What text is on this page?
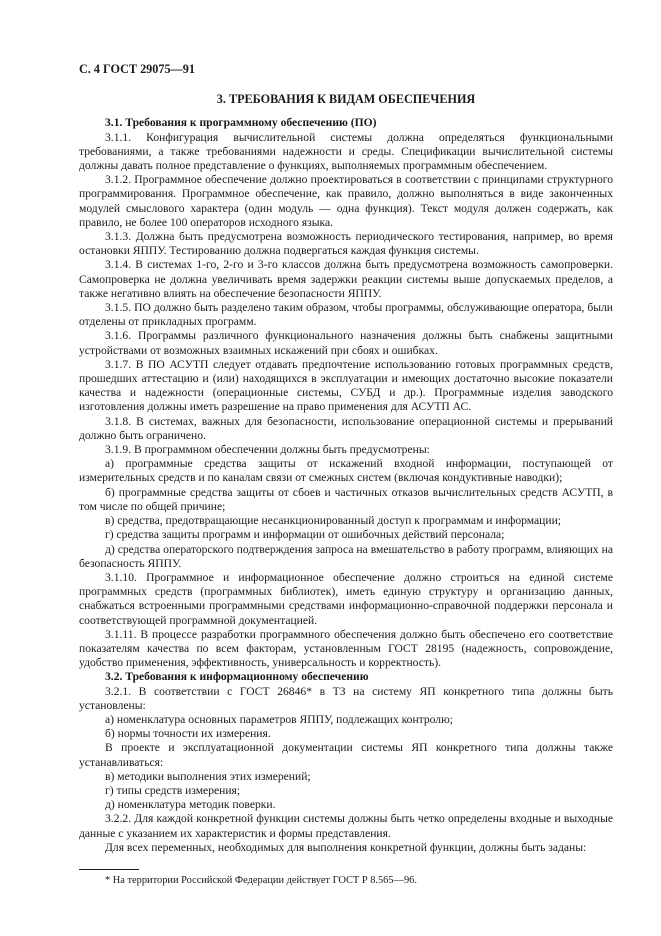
С. 4 ГОСТ 29075—91
3. ТРЕБОВАНИЯ К ВИДАМ ОБЕСПЕЧЕНИЯ

3.1. Требования к программному обеспечению (ПО)

3.1.1. Конфигурация вычислительной системы должна определяться функциональными требованиями, а также требованиями надежности и среды. Спецификации вычислительной системы должны давать полное представление о функциях, выполняемых программным обеспечением.

3.1.2. Программное обеспечение должно проектироваться в соответствии с принципами структурного программирования. Программное обеспечение, как правило, должно выполняться в виде законченных модулей смыслового характера (один модуль — одна функция). Текст модуля должен содержать, как правило, не более 100 операторов исходного языка.

3.1.3. Должна быть предусмотрена возможность периодического тестирования, например, во время остановки ЯППУ. Тестированию должна подвергаться каждая функция системы.

3.1.4. В системах 1-го, 2-го и 3-го классов должна быть предусмотрена возможность самопроверки. Самопроверка не должна увеличивать время задержки реакции системы выше допускаемых пределов, а также негативно влиять на обеспечение безопасности ЯППУ.

3.1.5. ПО должно быть разделено таким образом, чтобы программы, обслуживающие оператора, были отделены от прикладных программ.

3.1.6. Программы различного функционального назначения должны быть снабжены защитными устройствами от возможных взаимных искажений при сбоях и ошибках.

3.1.7. В ПО АСУТП следует отдавать предпочтение использованию готовых программных средств, прошедших аттестацию и (или) находящихся в эксплуатации и имеющих достаточно высокие показатели качества и надежности (операционные системы, СУБД и др.). Программные изделия заводского изготовления должны иметь разрешение на право применения для АСУТП АС.

3.1.8. В системах, важных для безопасности, использование операционной системы и прерываний должно быть ограничено.

3.1.9. В программном обеспечении должны быть предусмотрены:

а) программные средства защиты от искажений входной информации, поступающей от измерительных средств и по каналам связи от смежных систем (включая кондуктивные наводки);

б) программные средства защиты от сбоев и частичных отказов вычислительных средств АСУТП, в том числе по общей причине;

в) средства, предотвращающие несанкционированный доступ к программам и информации;

г) средства защиты программ и информации от ошибочных действий персонала;

д) средства операторского подтверждения запроса на вмешательство в работу программ, влияющих на безопасность ЯППУ.

3.1.10. Программное и информационное обеспечение должно строиться на единой системе программных средств (программных библиотек), иметь единую структуру и организацию данных, снабжаться встроенными программными средствами информационно-справочной поддержки персонала и соответствующей программной документацией.

3.1.11. В процессе разработки программного обеспечения должно быть обеспечено его соответствие показателям качества по всем факторам, установленным ГОСТ 28195 (надежность, сопровождение, удобство применения, эффективность, универсальность и корректность).

3.2. Требования к информационному обеспечению

3.2.1. В соответствии с ГОСТ 26846* в ТЗ на систему ЯП конкретного типа должны быть установлены:

а) номенклатура основных параметров ЯППУ, подлежащих контролю;

б) нормы точности их измерения.

В проекте и эксплуатационной документации системы ЯП конкретного типа должны также устанавливаться:

в) методики выполнения этих измерений;

г) типы средств измерения;

д) номенклатура методик поверки.

3.2.2. Для каждой конкретной функции системы должны быть четко определены входные и выходные данные с указанием их характеристик и формы представления.

Для всех переменных, необходимых для выполнения конкретной функции, должны быть заданы:

* На территории Российской Федерации действует ГОСТ Р 8.565—96.
